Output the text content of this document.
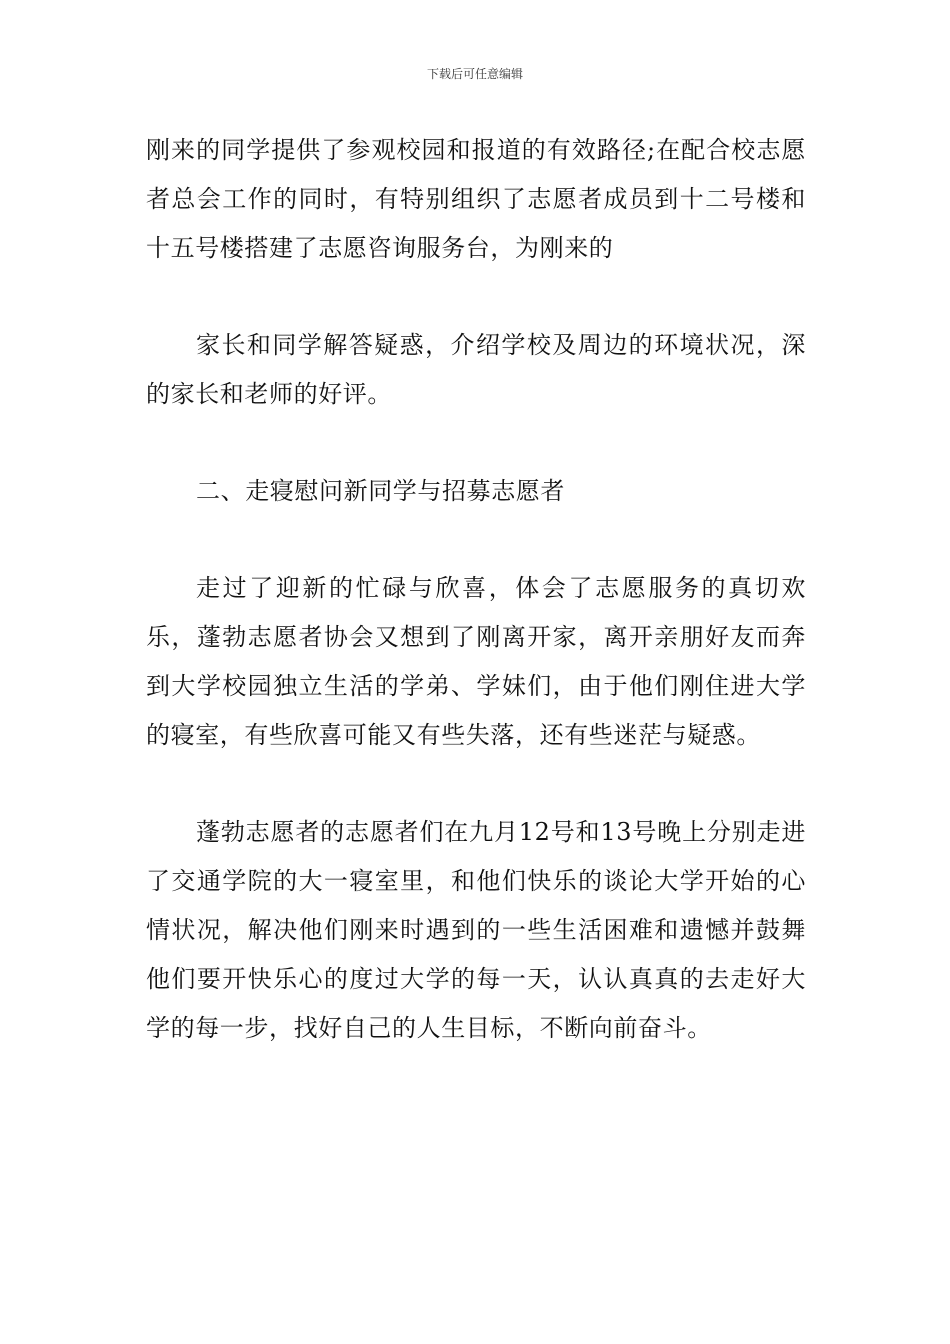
下载后可任意编辑

刚来的同学提供了参观校园和报道的有效路径;在配合校志愿者总会工作的同时，有特别组织了志愿者成员到十二号楼和十五号楼搭建了志愿咨询服务台，为刚来的

家长和同学解答疑惑，介绍学校及周边的环境状况，深的家长和老师的好评。

二、走寝慰问新同学与招募志愿者

走过了迎新的忙碌与欣喜，体会了志愿服务的真切欢乐，蓬勃志愿者协会又想到了刚离开家，离开亲朋好友而奔到大学校园独立生活的学弟、学妹们，由于他们刚住进大学的寝室，有些欣喜可能又有些失落，还有些迷茫与疑惑。

蓬勃志愿者的志愿者们在九月12号和13号晚上分别走进了交通学院的大一寝室里，和他们快乐的谈论大学开始的心情状况，解决他们刚来时遇到的一些生活困难和遗憾并鼓舞他们要开快乐心的度过大学的每一天，认认真真的去走好大学的每一步，找好自己的人生目标，不断向前奋斗。
